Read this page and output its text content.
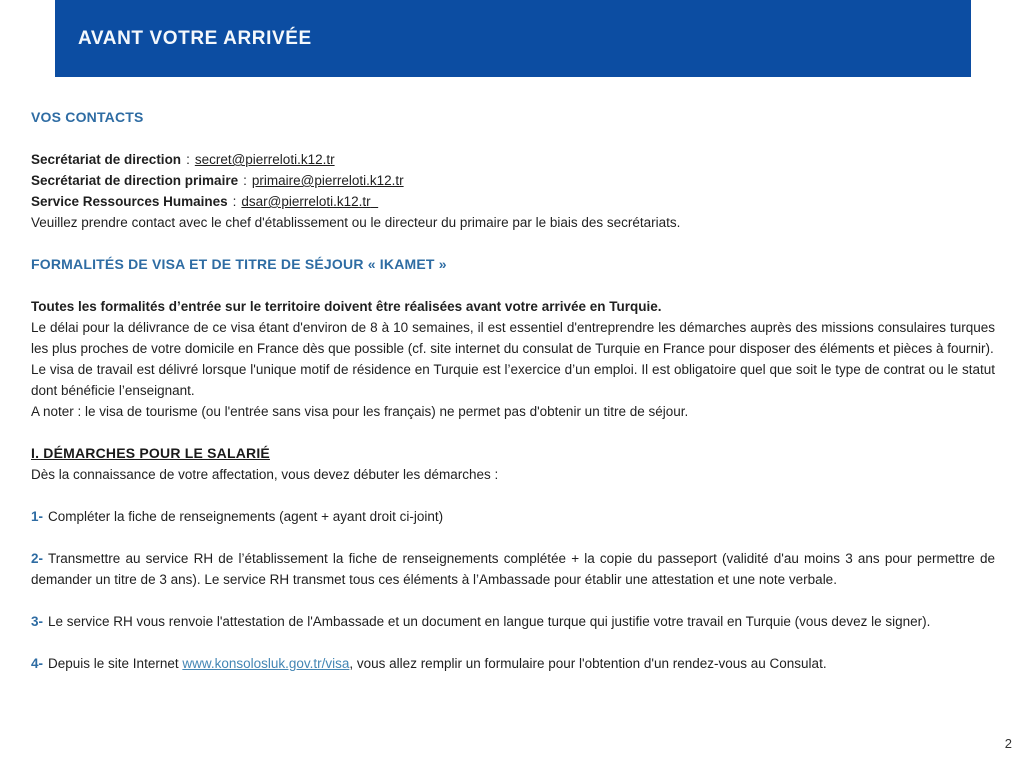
AVANT VOTRE ARRIVÉE
VOS CONTACTS

Secrétariat de direction : secret@pierreloti.k12.tr

Secrétariat de direction primaire : primaire@pierreloti.k12.tr

Service Ressources Humaines : dsar@pierreloti.k12.tr

Veuillez prendre contact avec le chef d'établissement ou le directeur du primaire par le biais des secrétariats.

FORMALITÉS DE VISA ET DE TITRE DE SÉJOUR « IKAMET »

Toutes les formalités d’entrée sur le territoire doivent être réalisées avant votre arrivée en Turquie.

Le délai pour la délivrance de ce visa étant d'environ de 8 à 10 semaines, il est essentiel d'entreprendre les démarches auprès des missions consulaires turques les plus proches de votre domicile en France dès que possible (cf. site internet du consulat de Turquie en France pour disposer des éléments et pièces à fournir).

Le visa de travail est délivré lorsque l'unique motif de résidence en Turquie est l’exercice d’un emploi. Il est obligatoire quel que soit le type de contrat ou le statut dont bénéficie l’enseignant.

A noter : le visa de tourisme (ou l'entrée sans visa pour les français) ne permet pas d'obtenir un titre de séjour.

I. DÉMARCHES POUR LE SALARIÉ

Dès la connaissance de votre affectation, vous devez débuter les démarches :

1- Compléter la fiche de renseignements (agent + ayant droit ci-joint)

2- Transmettre au service RH de l’établissement la fiche de renseignements complétée + la copie du passeport (validité d'au moins 3 ans pour permettre de demander un titre de 3 ans). Le service RH transmet tous ces éléments à l’Ambassade pour établir une attestation et une note verbale.

3- Le service RH vous renvoie l'attestation de l'Ambassade et un document en langue turque qui justifie votre travail en Turquie (vous devez le signer).

4- Depuis le site Internet www.konsolosluk.gov.tr/visa, vous allez remplir un formulaire pour l'obtention d'un rendez-vous au Consulat.

2
